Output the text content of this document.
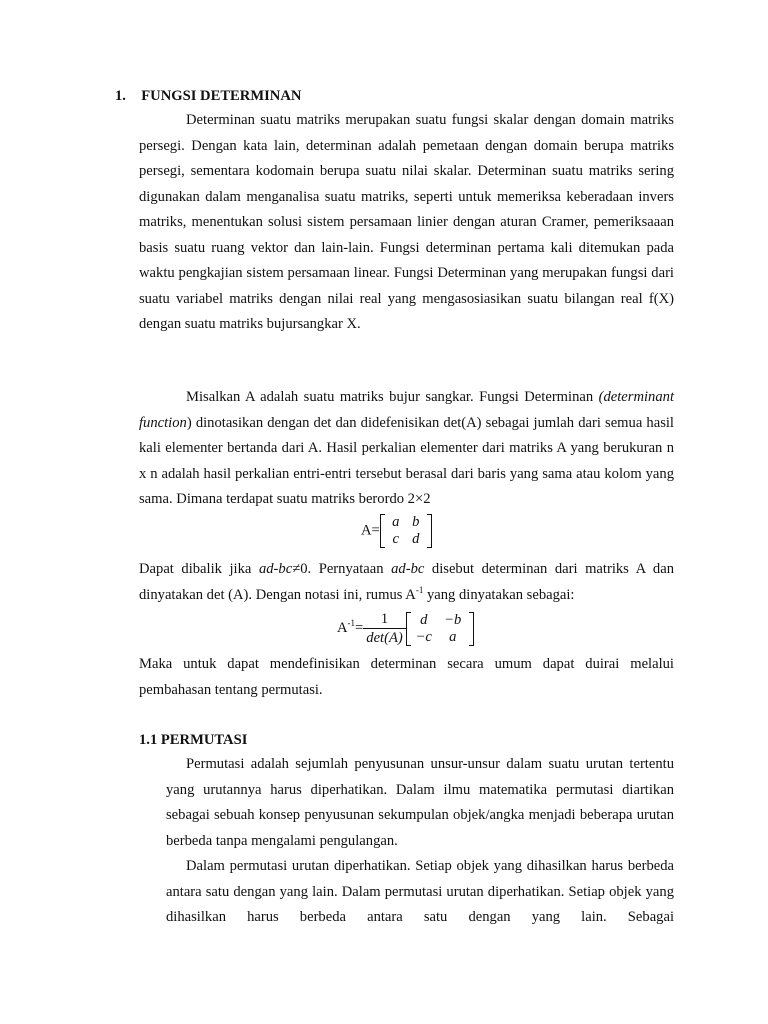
1. FUNGSI DETERMINAN

Determinan suatu matriks merupakan suatu fungsi skalar dengan domain matriks persegi. Dengan kata lain, determinan adalah pemetaan dengan domain berupa matriks persegi, sementara kodomain berupa suatu nilai skalar. Determinan suatu matriks sering digunakan dalam menganalisa suatu matriks, seperti untuk memeriksa keberadaan invers matriks, menentukan solusi sistem persamaan linier dengan aturan Cramer, pemeriksaaan basis suatu ruang vektor dan lain-lain. Fungsi determinan pertama kali ditemukan pada waktu pengkajian sistem persamaan linear. Fungsi Determinan yang merupakan fungsi dari suatu variabel matriks dengan nilai real yang mengasosiasikan suatu bilangan real f(X) dengan suatu matriks bujursangkar X.

Misalkan A adalah suatu matriks bujur sangkar. Fungsi Determinan (determinant function) dinotasikan dengan det dan didefenisikan det(A) sebagai jumlah dari semua hasil kali elementer bertanda dari A. Hasil perkalian elementer dari matriks A yang berukuran n x n adalah hasil perkalian entri-entri tersebut berasal dari baris yang sama atau kolom yang sama. Dimana terdapat suatu matriks berordo 2×2

A=
a b
c d

Dapat dibalik jika ad-bc≠0. Pernyataan ad-bc disebut determinan dari matriks A dan dinyatakan det (A). Dengan notasi ini, rumus $A^{-1}$ yang dinyatakan sebagai:

$A^{-1}= \frac{1}{\det(A)}$ d	−b
−c	a

Maka untuk dapat mendefinisikan determinan secara umum dapat duirai melalui pembahasan tentang permutasi.

1.1 PERMUTASI

Permutasi adalah sejumlah penyusunan unsur-unsur dalam suatu urutan tertentu yang urutannya harus diperhatikan. Dalam ilmu matematika permutasi diartikan sebagai sebuah konsep penyusunan sekumpulan objek/angka menjadi beberapa urutan berbeda tanpa mengalami pengulangan.

Dalam permutasi urutan diperhatikan. Setiap objek yang dihasilkan harus berbeda antara satu dengan yang lain. Dalam permutasi urutan diperhatikan. Setiap objek yang dihasilkan harus berbeda antara satu dengan yang lain. Sebagai
